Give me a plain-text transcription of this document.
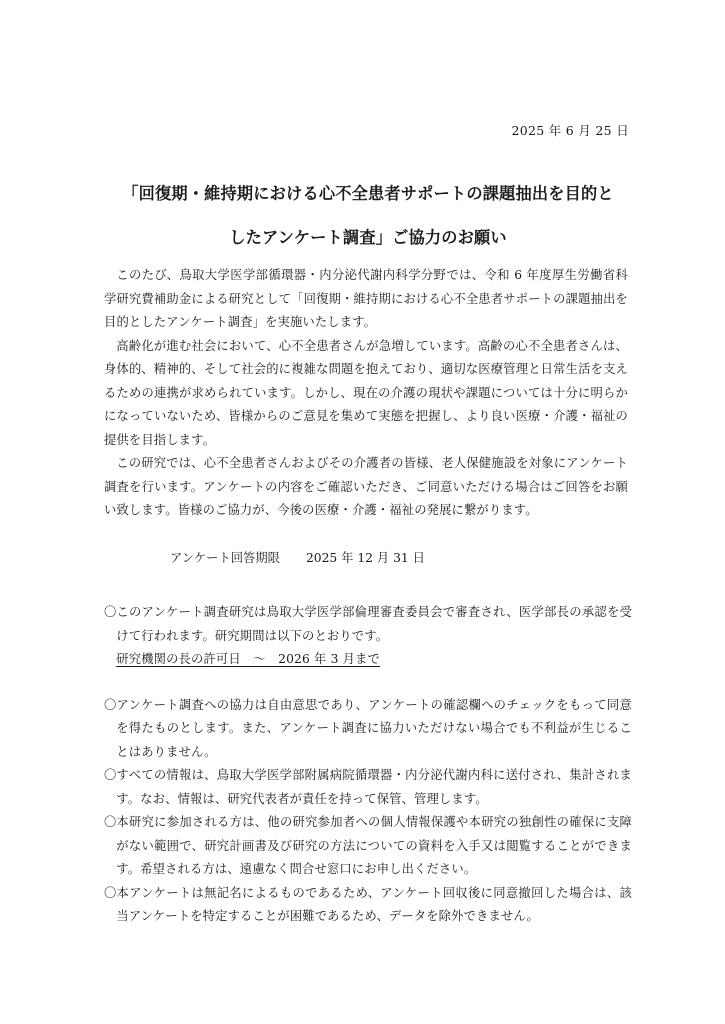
2025 年 6 月 25 日
「回復期・維持期における心不全患者サポートの課題抽出を目的と
したアンケート調査」ご協力のお願い

このたび、鳥取大学医学部循環器・内分泌代謝内科学分野では、令和 6 年度厚生労働省科学研究費補助金による研究として「回復期・維持期における心不全患者サポートの課題抽出を目的としたアンケート調査」を実施いたします。

高齢化が進む社会において、心不全患者さんが急増しています。高齢の心不全患者さんは、身体的、精神的、そして社会的に複雑な問題を抱えており、適切な医療管理と日常生活を支えるための連携が求められています。しかし、現在の介護の現状や課題については十分に明らかになっていないため、皆様からのご意見を集めて実態を把握し、より良い医療・介護・福祉の提供を目指します。

この研究では、心不全患者さんおよびその介護者の皆様、老人保健施設を対象にアンケート調査を行います。アンケートの内容をご確認いただき、ご同意いただける場合はご回答をお願い致します。皆様のご協力が、今後の医療・介護・福祉の発展に繋がります。

アンケート回答期限 2025 年 12 月 31 日
〇このアンケート調査研究は鳥取大学医学部倫理審査委員会で審査され、医学部長の承認を受けて行われます。研究期間は以下のとおりです。
研究機関の長の許可日　～　2026 年 3 月まで
〇アンケート調査への協力は自由意思であり、アンケートの確認欄へのチェックをもって同意を得たものとします。また、アンケート調査に協力いただけない場合でも不利益が生じることはありません。
〇すべての情報は、鳥取大学医学部附属病院循環器・内分泌代謝内科に送付され、集計されます。なお、情報は、研究代表者が責任を持って保管、管理します。
〇本研究に参加される方は、他の研究参加者への個人情報保護や本研究の独創性の確保に支障がない範囲で、研究計画書及び研究の方法についての資料を入手又は閲覧することができます。希望される方は、遠慮なく問合せ窓口にお申し出ください。
〇本アンケートは無記名によるものであるため、アンケート回収後に同意撤回した場合は、該当アンケートを特定することが困難であるため、データを除外できません。
